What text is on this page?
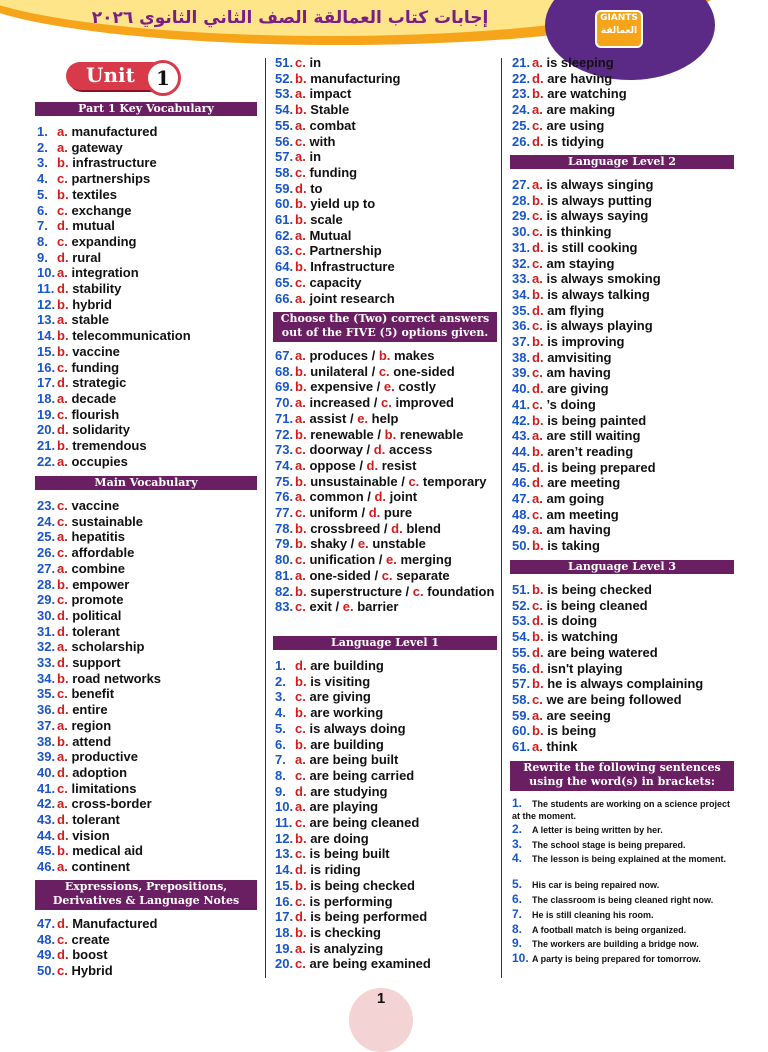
إجابات كتاب العمالقة الصف الثاني الثانوي ٢٠٢٦	GIANTS العمالقة
Unit	1
Part 1 Key Vocabulary
Main Vocabulary
Expressions, Prepositions, Derivatives & Language Notes
Choose the (Two) correct answers out of the FIVE (5) options given.
Language Level 1
Language Level 2
Language Level 3
Rewrite the following sentences using the word(s) in brackets:
1. a. manufactured
2. a. gateway
3. b. infrastructure
4. c. partnerships
5. b. textiles
6. c. exchange
7. d. mutual
8. c. expanding
9. d. rural
10. a. integration
11. d. stability
12. b. hybrid
13. a. stable
14. b. telecommunication
15. b. vaccine
16. c. funding
17. d. strategic
18. a. decade
19. c. flourish
20. d. solidarity
21. b. tremendous
22. a. occupies
23. c. vaccine
24. c. sustainable
25. a. hepatitis
26. c. affordable
27. a. combine
28. b. empower
29. c. promote
30. d. political
31. d. tolerant
32. a. scholarship
33. d. support
34. b. road networks
35. c. benefit
36. d. entire
37. a. region
38. b. attend
39. a. productive
40. d. adoption
41. c. limitations
42. a. cross-border
43. d. tolerant
44. d. vision
45. b. medical aid
46. a. continent
47. d. Manufactured
48. c. create
49. d. boost
50. c. Hybrid
51. c. in
52. b. manufacturing
53. a. impact
54. b. Stable
55. a. combat
56. c. with
57. a. in
58. c. funding
59. d. to
60. b. yield up to
61. b. scale
62. a. Mutual
63. c. Partnership
64. b. Infrastructure
65. c. capacity
66. a. joint research
67. a. produces / b. makes
68. b. unilateral / c. one-sided
69. b. expensive / e. costly
70. a. increased / c. improved
71. a. assist / e. help
72. b. renewable / b. renewable
73. c. doorway / d. access
74. a. oppose / d. resist
75. b. unsustainable / c. temporary
76. a. common / d. joint
77. c. uniform / d. pure
78. b. crossbreed / d. blend
79. b. shaky / e. unstable
80. c. unification / e. merging
81. a. one-sided / c. separate
82. b. superstructure / c. foundation
83. c. exit / e. barrier
1. d. are building
2. b. is visiting
3. c. are giving
4. b. are working
5. c. is always doing
6. b. are building
7. a. are being built
8. c. are being carried
9. d. are studying
10. a. are playing
11. c. are being cleaned
12. b. are doing
13. c. is being built
14. d. is riding
15. b. is being checked
16. c. is performing
17. d. is being performed
18. b. is checking
19. a. is analyzing
20. c. are being examined
21. a. is sleeping
22. d. are having
23. b. are watching
24. a. are making
25. c. are using
26. d. is tidying
27. a. is always singing
28. b. is always putting
29. c. is always saying
30. c. is thinking
31. d. is still cooking
32. c. am staying
33. a. is always smoking
34. b. is always talking
35. d. am flying
36. c. is always playing
37. b. is improving
38. d. amvisiting
39. c. am having
40. d. are giving
41. c. ’s doing
42. b. is being painted
43. a. are still waiting
44. b. aren’t reading
45. d. is being prepared
46. d. are meeting
47. a. am going
48. c. am meeting
49. a. am having
50. b. is taking
51. b. is being checked
52. c. is being cleaned
53. d. is doing
54. b. is watching
55. d. are being watered
56. d. isn't playing
57. b. he is always complaining
58. c. we are being followed
59. a. are seeing
60. b. is being
61. a. think
1. The students are working on a science project at the moment.
2. A letter is being written by her.
3. The school stage is being prepared.
4. The lesson is being explained at the moment.
5. His car is being repaired now.
6. The classroom is being cleaned right now.
7. He is still cleaning his room.
8. A football match is being organized.
9. The workers are building a bridge now.
10. A party is being prepared for tomorrow.
1
